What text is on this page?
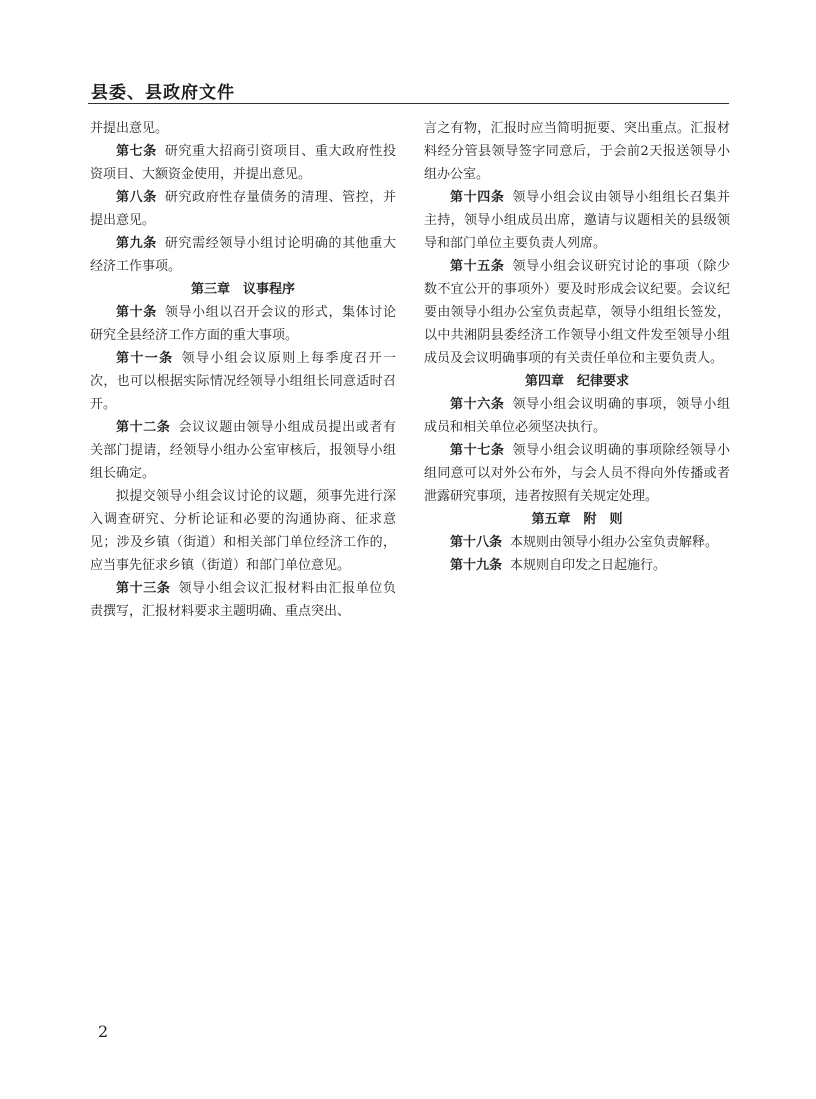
县委、县政府文件

并提出意见。

第七条 研究重大招商引资项目、重大政府性投资项目、大额资金使用，并提出意见。

第八条 研究政府性存量债务的清理、管控，并提出意见。

第九条 研究需经领导小组讨论明确的其他重大经济工作事项。

第三章　议事程序

第十条 领导小组以召开会议的形式，集体讨论研究全县经济工作方面的重大事项。

第十一条 领导小组会议原则上每季度召开一次，也可以根据实际情况经领导小组组长同意适时召开。

第十二条 会议议题由领导小组成员提出或者有关部门提请，经领导小组办公室审核后，报领导小组组长确定。

拟提交领导小组会议讨论的议题，须事先进行深入调查研究、分析论证和必要的沟通协商、征求意见；涉及乡镇（街道）和相关部门单位经济工作的，应当事先征求乡镇（街道）和部门单位意见。

第十三条 领导小组会议汇报材料由汇报单位负责撰写，汇报材料要求主题明确、重点突出、

言之有物，汇报时应当简明扼要、突出重点。汇报材料经分管县领导签字同意后，于会前2天报送领导小组办公室。

第十四条 领导小组会议由领导小组组长召集并主持，领导小组成员出席，邀请与议题相关的县级领导和部门单位主要负责人列席。

第十五条 领导小组会议研究讨论的事项（除少数不宜公开的事项外）要及时形成会议纪要。会议纪要由领导小组办公室负责起草，领导小组组长签发，以中共湘阴县委经济工作领导小组文件发至领导小组成员及会议明确事项的有关责任单位和主要负责人。

第四章　纪律要求

第十六条 领导小组会议明确的事项，领导小组成员和相关单位必须坚决执行。

第十七条 领导小组会议明确的事项除经领导小组同意可以对外公布外，与会人员不得向外传播或者泄露研究事项，违者按照有关规定处理。

第五章　附　则

第十八条 本规则由领导小组办公室负责解释。

第十九条 本规则自印发之日起施行。

2
